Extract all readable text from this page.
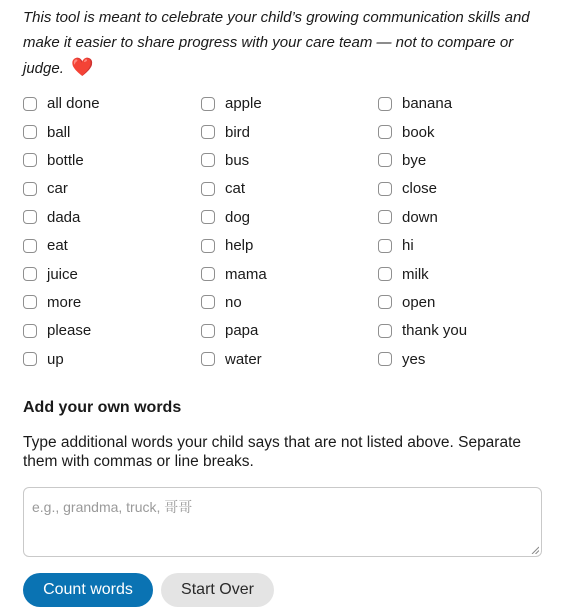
This tool is meant to celebrate your child’s growing communication skills and make it easier to share progress with your care team — not to compare or judge. ❤️

all done	apple	banana
ball	bird	book
bottle	bus	bye
car	cat	close
dada	dog	down
eat	help	hi
juice	mama	milk
more	no	open
please	papa	thank you
up	water	yes
Add your own words

Type additional words your child says that are not listed above. Separate them with commas or line breaks.

e.g., grandma, truck, 哥哥
Count words	Start Over
